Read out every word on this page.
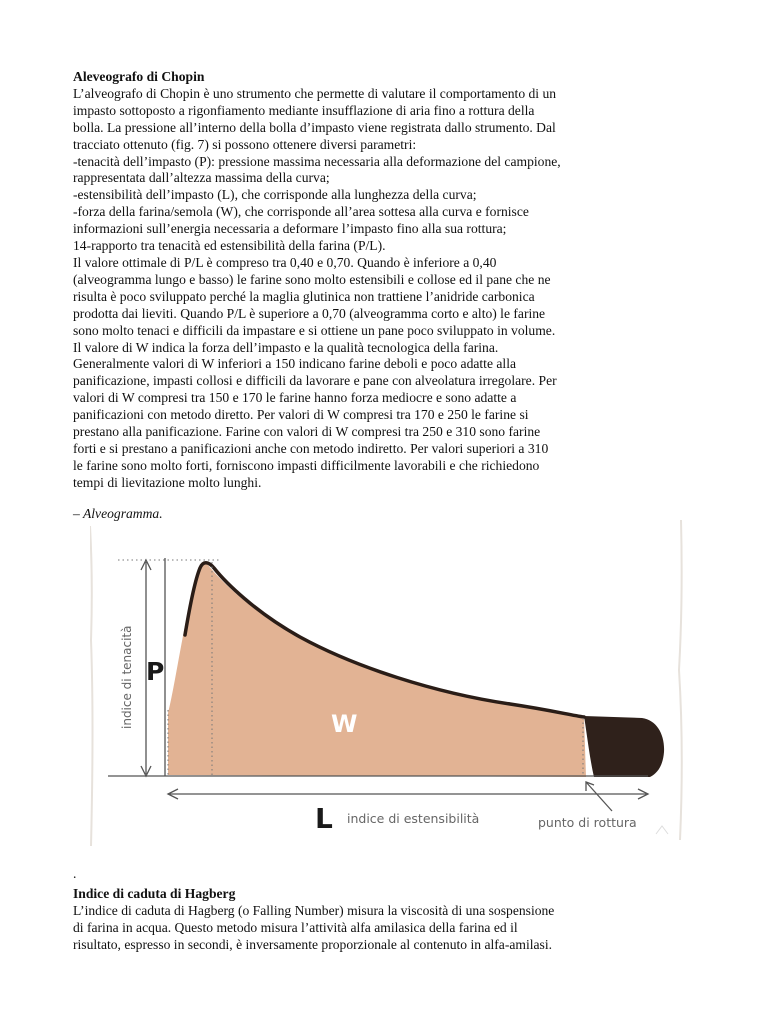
Aleveografo di Chopin
L’alveografo di Chopin è uno strumento che permette di valutare il comportamento di un
impasto sottoposto a rigonfiamento mediante insufflazione di aria fino a rottura della
bolla. La pressione all’interno della bolla d’impasto viene registrata dallo strumento. Dal
tracciato ottenuto (fig. 7) si possono ottenere diversi parametri:
-tenacità dell’impasto (P): pressione massima necessaria alla deformazione del campione,
rappresentata dall’altezza massima della curva;
-estensibilità dell’impasto (L), che corrisponde alla lunghezza della curva;
-forza della farina/semola (W), che corrisponde all’area sottesa alla curva e fornisce
informazioni sull’energia necessaria a deformare l’impasto fino alla sua rottura;
14-rapporto tra tenacità ed estensibilità della farina (P/L).
Il valore ottimale di P/L è compreso tra 0,40 e 0,70. Quando è inferiore a 0,40
(alveogramma lungo e basso) le farine sono molto estensibili e collose ed il pane che ne
risulta è poco sviluppato perché la maglia glutinica non trattiene l’anidride carbonica
prodotta dai lieviti. Quando P/L è superiore a 0,70 (alveogramma corto e alto) le farine
sono molto tenaci e difficili da impastare e si ottiene un pane poco sviluppato in volume.
Il valore di W indica la forza dell’impasto e la qualità tecnologica della farina.
Generalmente valori di W inferiori a 150 indicano farine deboli e poco adatte alla
panificazione, impasti collosi e difficili da lavorare e pane con alveolatura irregolare. Per
valori di W compresi tra 150 e 170 le farine hanno forza mediocre e sono adatte a
panificazioni con metodo diretto. Per valori di W compresi tra 170 e 250 le farine si
prestano alla panificazione. Farine con valori di W compresi tra 250 e 310 sono farine
forti e si prestano a panificazioni anche con metodo indiretto. Per valori superiori a 310
le farine sono molto forti, forniscono impasti difficilmente lavorabili e che richiedono
tempi di lievitazione molto lunghi.
– Alveogramma.
P
W
L
indice di tenacità
indice di estensibilità	punto di rottura
.
Indice di caduta di Hagberg
L’indice di caduta di Hagberg (o Falling Number) misura la viscosità di una sospensione
di farina in acqua. Questo metodo misura l’attività alfa amilasica della farina ed il
risultato, espresso in secondi, è inversamente proporzionale al contenuto in alfa-amilasi.
